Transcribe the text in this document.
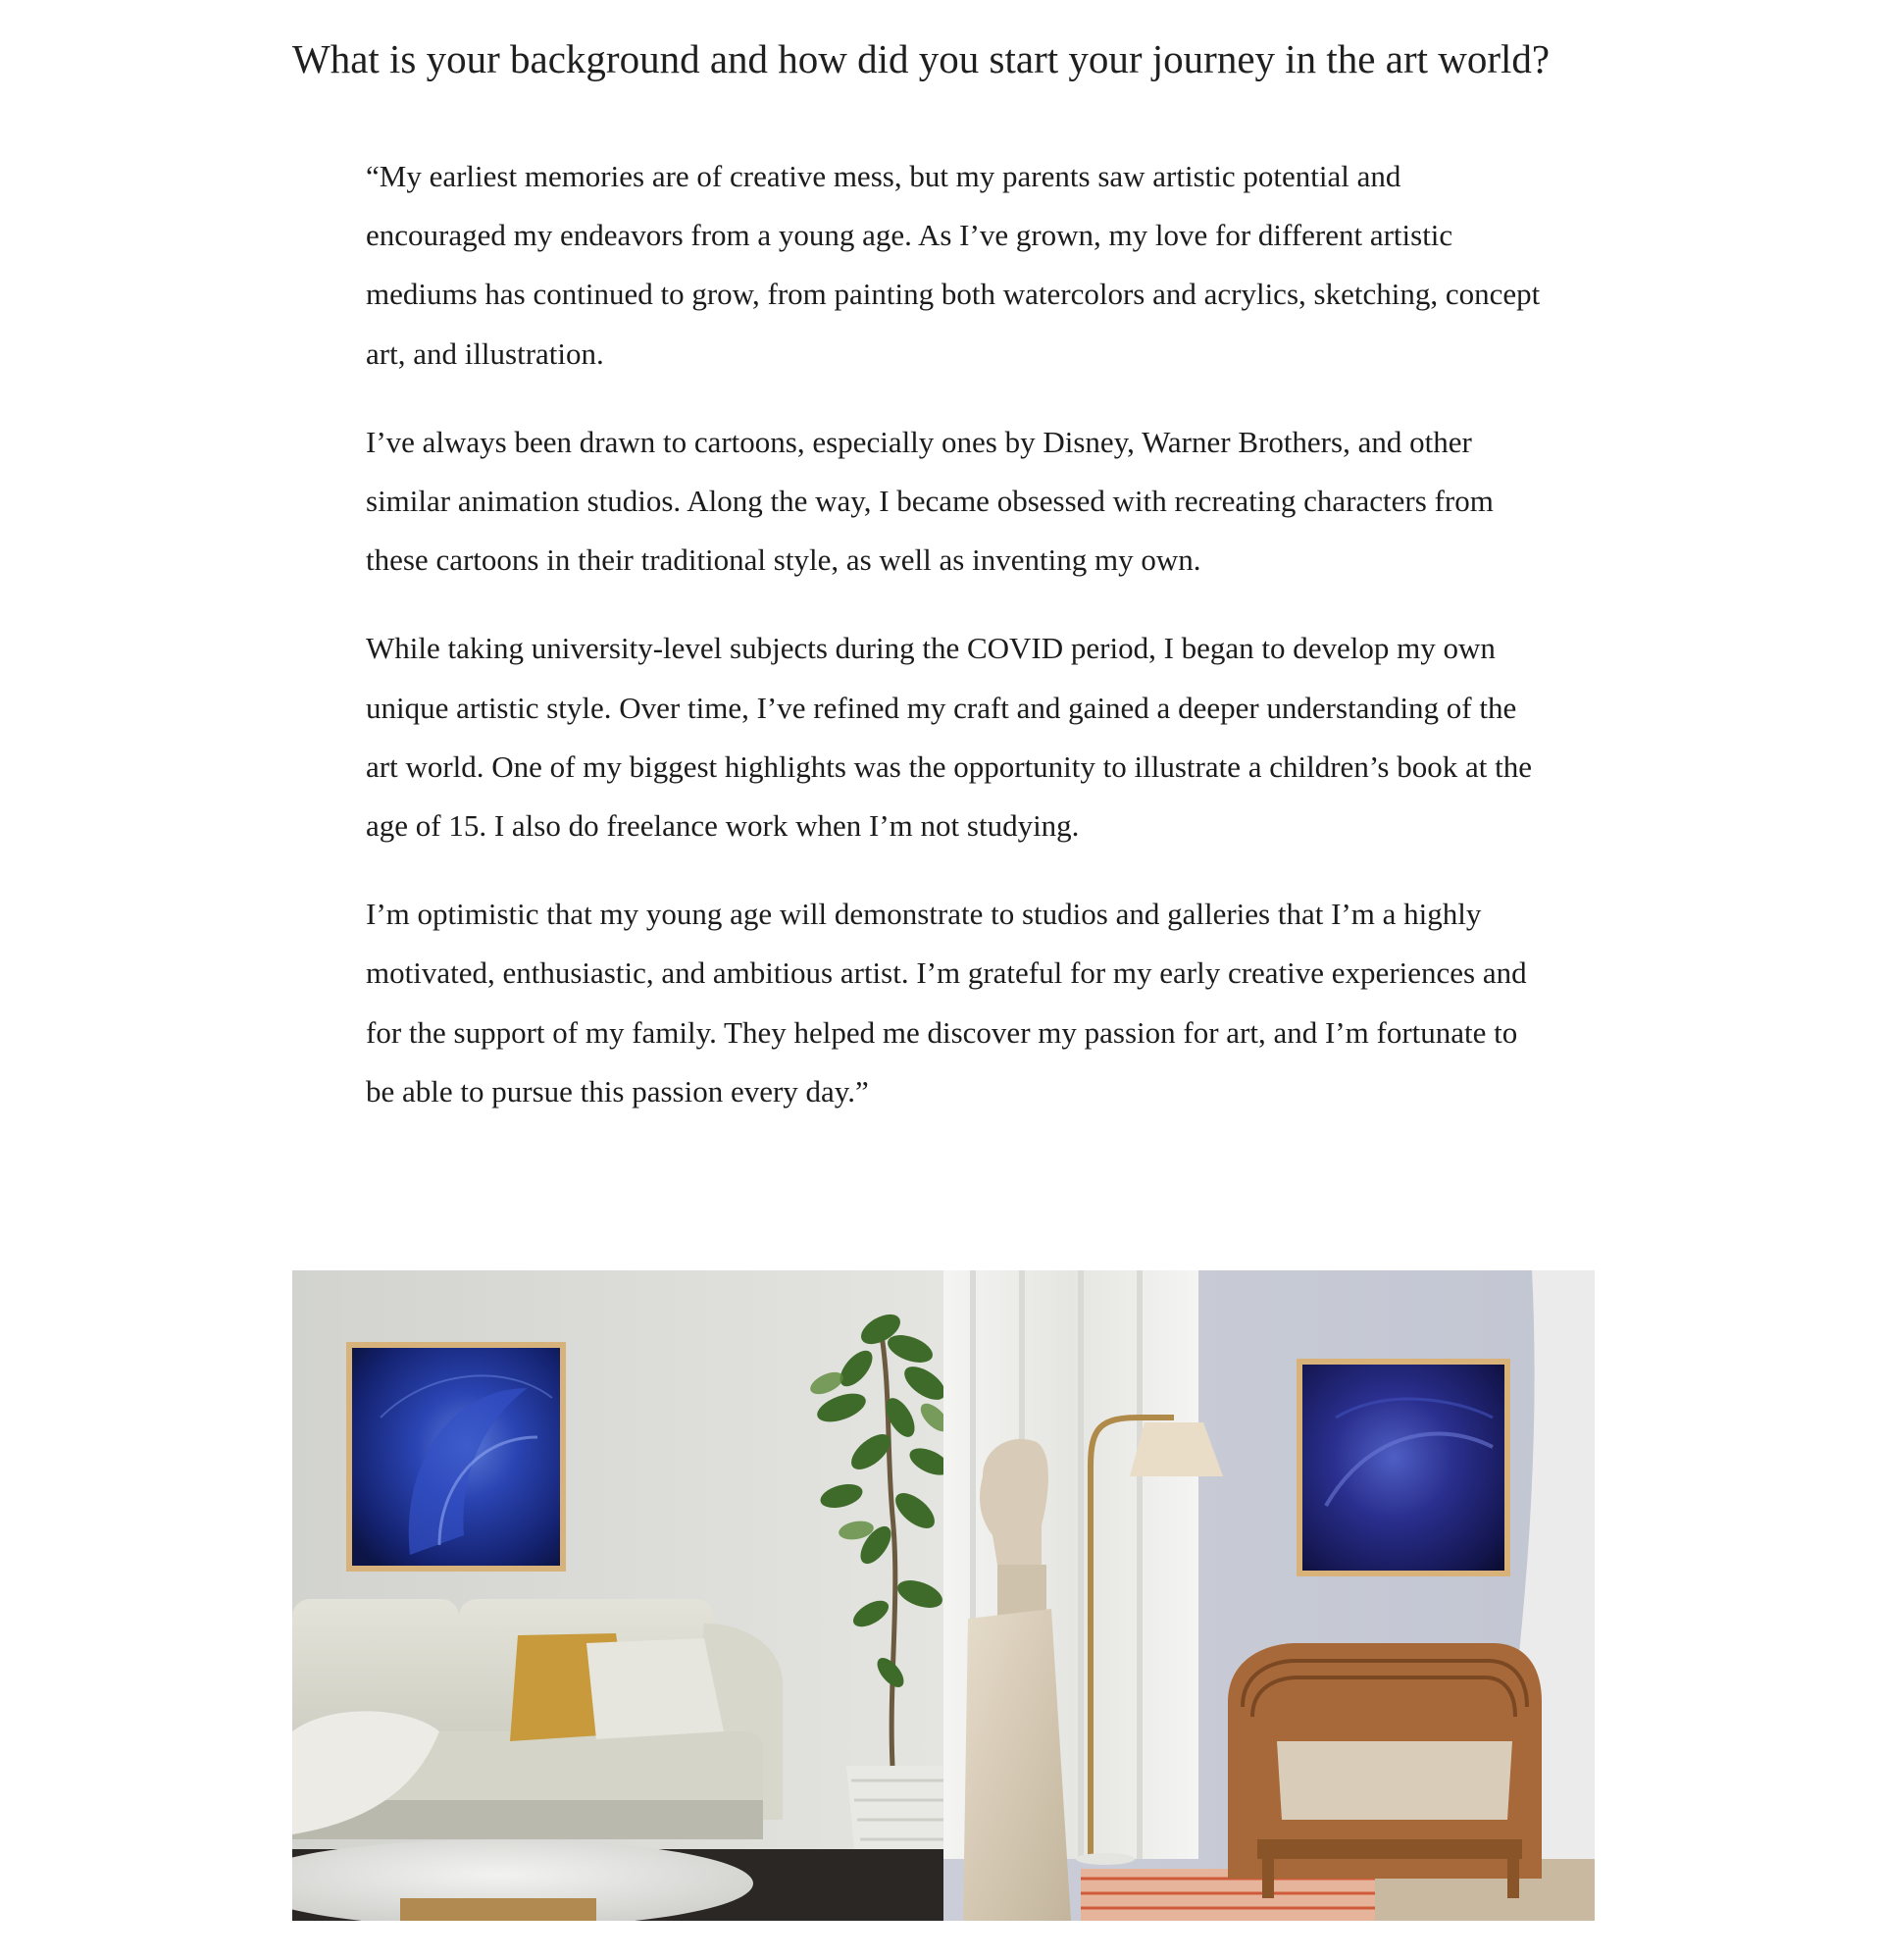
What is your background and how did you start your journey in the art world?

“My earliest memories are of creative mess, but my parents saw artistic potential and encouraged my endeavors from a young age. As I’ve grown, my love for different artistic mediums has continued to grow, from painting both watercolors and acrylics, sketching, concept art, and illustration.

I’ve always been drawn to cartoons, especially ones by Disney, Warner Brothers, and other similar animation studios. Along the way, I became obsessed with recreating characters from these cartoons in their traditional style, as well as inventing my own.

While taking university-level subjects during the COVID period, I began to develop my own unique artistic style. Over time, I’ve refined my craft and gained a deeper understanding of the art world. One of my biggest highlights was the opportunity to illustrate a children’s book at the age of 15. I also do freelance work when I’m not studying.

I’m optimistic that my young age will demonstrate to studios and galleries that I’m a highly motivated, enthusiastic, and ambitious artist. I’m grateful for my early creative experiences and for the support of my family. They helped me discover my passion for art, and I’m fortunate to be able to pursue this passion every day.”
